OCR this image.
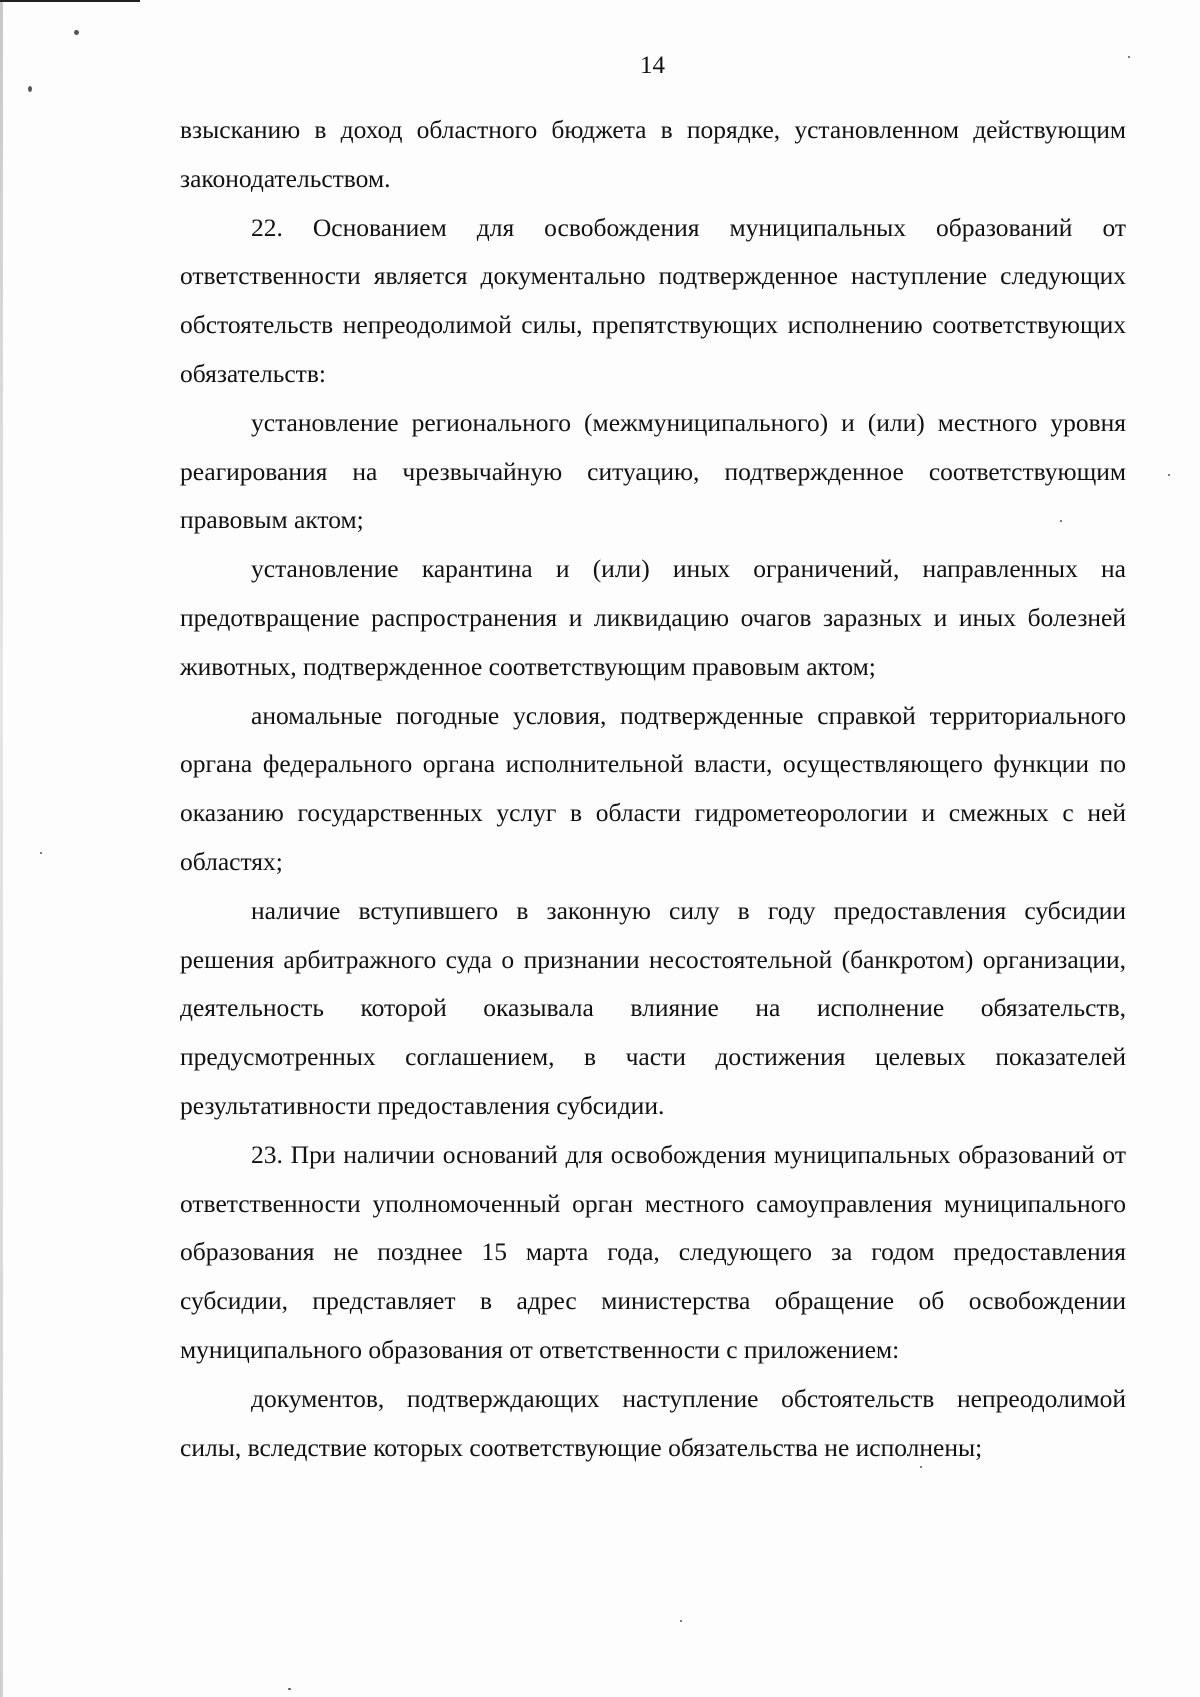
14

взысканию в доход областного бюджета в порядке, установленном действующим законодательством.

22. Основанием для освобождения муниципальных образований от ответственности является документально подтвержденное наступление следующих обстоятельств непреодолимой силы, препятствующих исполнению соответствующих обязательств:

установление регионального (межмуниципального) и (или) местного уровня реагирования на чрезвычайную ситуацию, подтвержденное соответствующим правовым актом;

установление карантина и (или) иных ограничений, направленных на предотвращение распространения и ликвидацию очагов заразных и иных болезней животных, подтвержденное соответствующим правовым актом;

аномальные погодные условия, подтвержденные справкой территориального органа федерального органа исполнительной власти, осуществляющего функции по оказанию государственных услуг в области гидрометеорологии и смежных с ней областях;

наличие вступившего в законную силу в году предоставления субсидии решения арбитражного суда о признании несостоятельной (банкротом) организации, деятельность которой оказывала влияние на исполнение обязательств, предусмотренных соглашением, в части достижения целевых показателей результативности предоставления субсидии.

23. При наличии оснований для освобождения муниципальных образований от ответственности уполномоченный орган местного самоуправления муниципального образования не позднее 15 марта года, следующего за годом предоставления субсидии, представляет в адрес министерства обращение об освобождении муниципального образования от ответственности с приложением:

документов, подтверждающих наступление обстоятельств непреодолимой силы, вследствие которых соответствующие обязательства не исполнены;
